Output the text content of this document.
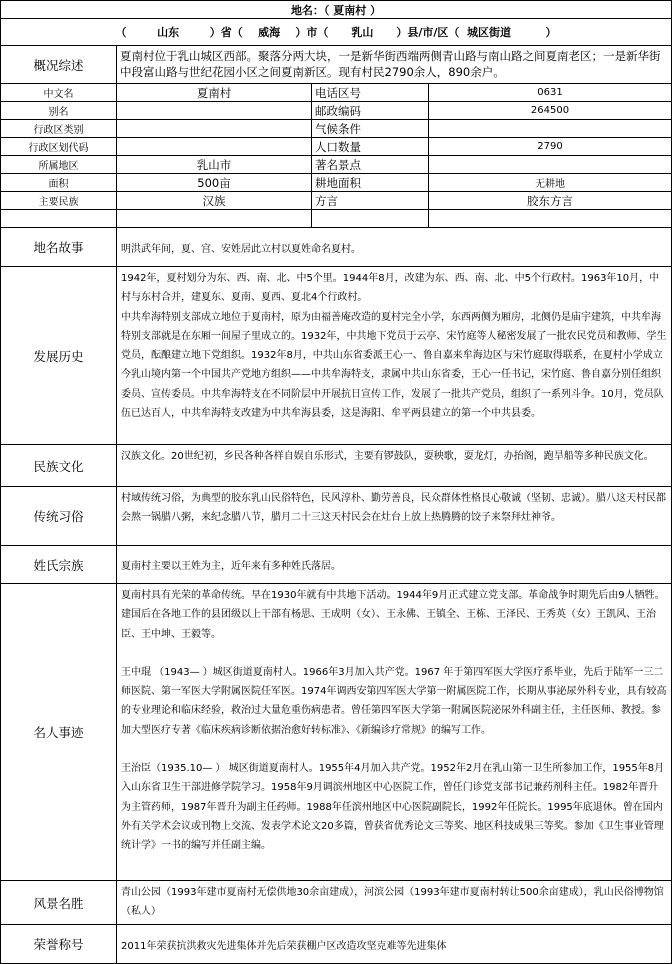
地名：（ 夏南村 ）			
（        山东        ）省（    威海    ）市（      乳山      ）县/市/区（  城区街道         ）			
概况综述	夏南村位于乳山城区西部。聚落分两大块，一是新华街西端两侧青山路与南山路之间夏南老区；一是新华街中段富山路与世纪花园小区之间夏南新区。现有村民2790余人，890余户。		
中文名	夏南村	电话区号	0631
别名		邮政编码	264500
行政区类别		气候条件	
行政区划代码		人口数量	2790
所属地区	乳山市	著名景点	
面积	500亩	耕地面积	无耕地
主要民族	汉族	方言	胶东方言

地名故事	明洪武年间，夏、宫、安姓居此立村以夏姓命名夏村。		
发展历史	1942年，夏村划分为东、西、南、北、中5个里。1944年8月，改建为东、西、南、北、中5个行政村。1963年10月，中村与东村合并，建夏东、夏南、夏西、夏北4个行政村。

中共牟海特别支部成立地位于夏南村，原为由福善庵改造的夏村完全小学，东西两侧为厢房，北侧仍是庙宇建筑，中共牟海特别支部就是在东厢一间屋子里成立的。1932年，中共地下党员于云亭、宋竹庭等人秘密发展了一批农民党员和教师、学生党员，酝酿建立地下党组织。1932年8月，中共山东省委派王心一、鲁自嘉来牟海边区与宋竹庭取得联系，在夏村小学成立今乳山境内第一个中国共产党地方组织——中共牟海特支，隶属中共山东省委，王心一任书记，宋竹庭、鲁自嘉分别任组织委员、宣传委员。中共牟海特支在不同阶层中开展抗日宣传工作，发展了一批共产党员，组织了一系列斗争。10月，党员队伍已达百人，中共牟海特支改建为中共牟海县委，这是海阳、牟平两县建立的第一个中共县委。		

民族文化	汉族文化。20世纪初，乡民各种各样自娱自乐形式，主要有锣鼓队，耍秧歌，耍龙灯，办抬阁，跑旱船等多种民族文化。		
传统习俗	村域传统习俗，为典型的胶东乳山民俗特色，民风淳朴、勤劳善良，民众群体性格艮心敬诚（坚韧、忠诚）。腊八这天村民都会熬一锅腊八粥，来纪念腊八节，腊月二十三这天村民会在灶台上放上热腾腾的饺子来祭拜灶神爷。		
姓氏宗族	夏南村主要以王姓为主，近年来有多种姓氏落居。		
名人事迹	夏南村具有光荣的革命传统。早在1930年就有中共地下活动。1944年9月正式建立党支部。革命战争时期先后由9人牺牲。建国后在各地工作的县团级以上干部有杨思、王成明（女）、王永佛、王镇全、王栋、王泽民、王秀英（女）王凯风、王治臣、王中坤、王毅等。

王中琨 （1943— ）城区街道夏南村人。1966年3月加入共产党。1967 年于第四军医大学医疗系毕业，先后于陆军一三二师医院、第一军医大学附属医院任军医。1974年调西安第四军医大学第一附属医院工作，长期从事泌尿外科专业，具有较高的专业理论和临床经验，救治过大量危重伤病患者。曾任第四军医大学第一附属医院泌尿外科副主任，主任医师、教授。参加大型医疗专著《临床疾病诊断依据治愈好转标准》、《新编诊疗常规》的编写工作。

王治臣（1935.10— ） 城区街道夏南村人。1955年4月加入共产党。1952年2月在乳山第一卫生所参加工作，1955年8月入山东省卫生干部进修学院学习。1958年9月调滨州地区中心医院工作，曾任门诊党支部书记兼药剂科主任。1982年晋升为主管药师，1987年晋升为副主任药师。1988年任滨州地区中心医院副院长，1992年任院长。1995年底退休。曾在国内外有关学术会议或刊物上交流、发表学术论文20多篇，曾获省优秀论文三等奖、地区科技成果三等奖。参加《卫生事业管理统计学》一书的编写并任副主编。		

风景名胜	青山公园（1993年建市夏南村无偿供地30余亩建成），河滨公园（1993年建市夏南村转让500余亩建成），乳山民俗博物馆（私人）		
荣誉称号	2011年荣获抗洪救灾先进集体并先后荣获棚户区改造攻坚克难等先进集体		
